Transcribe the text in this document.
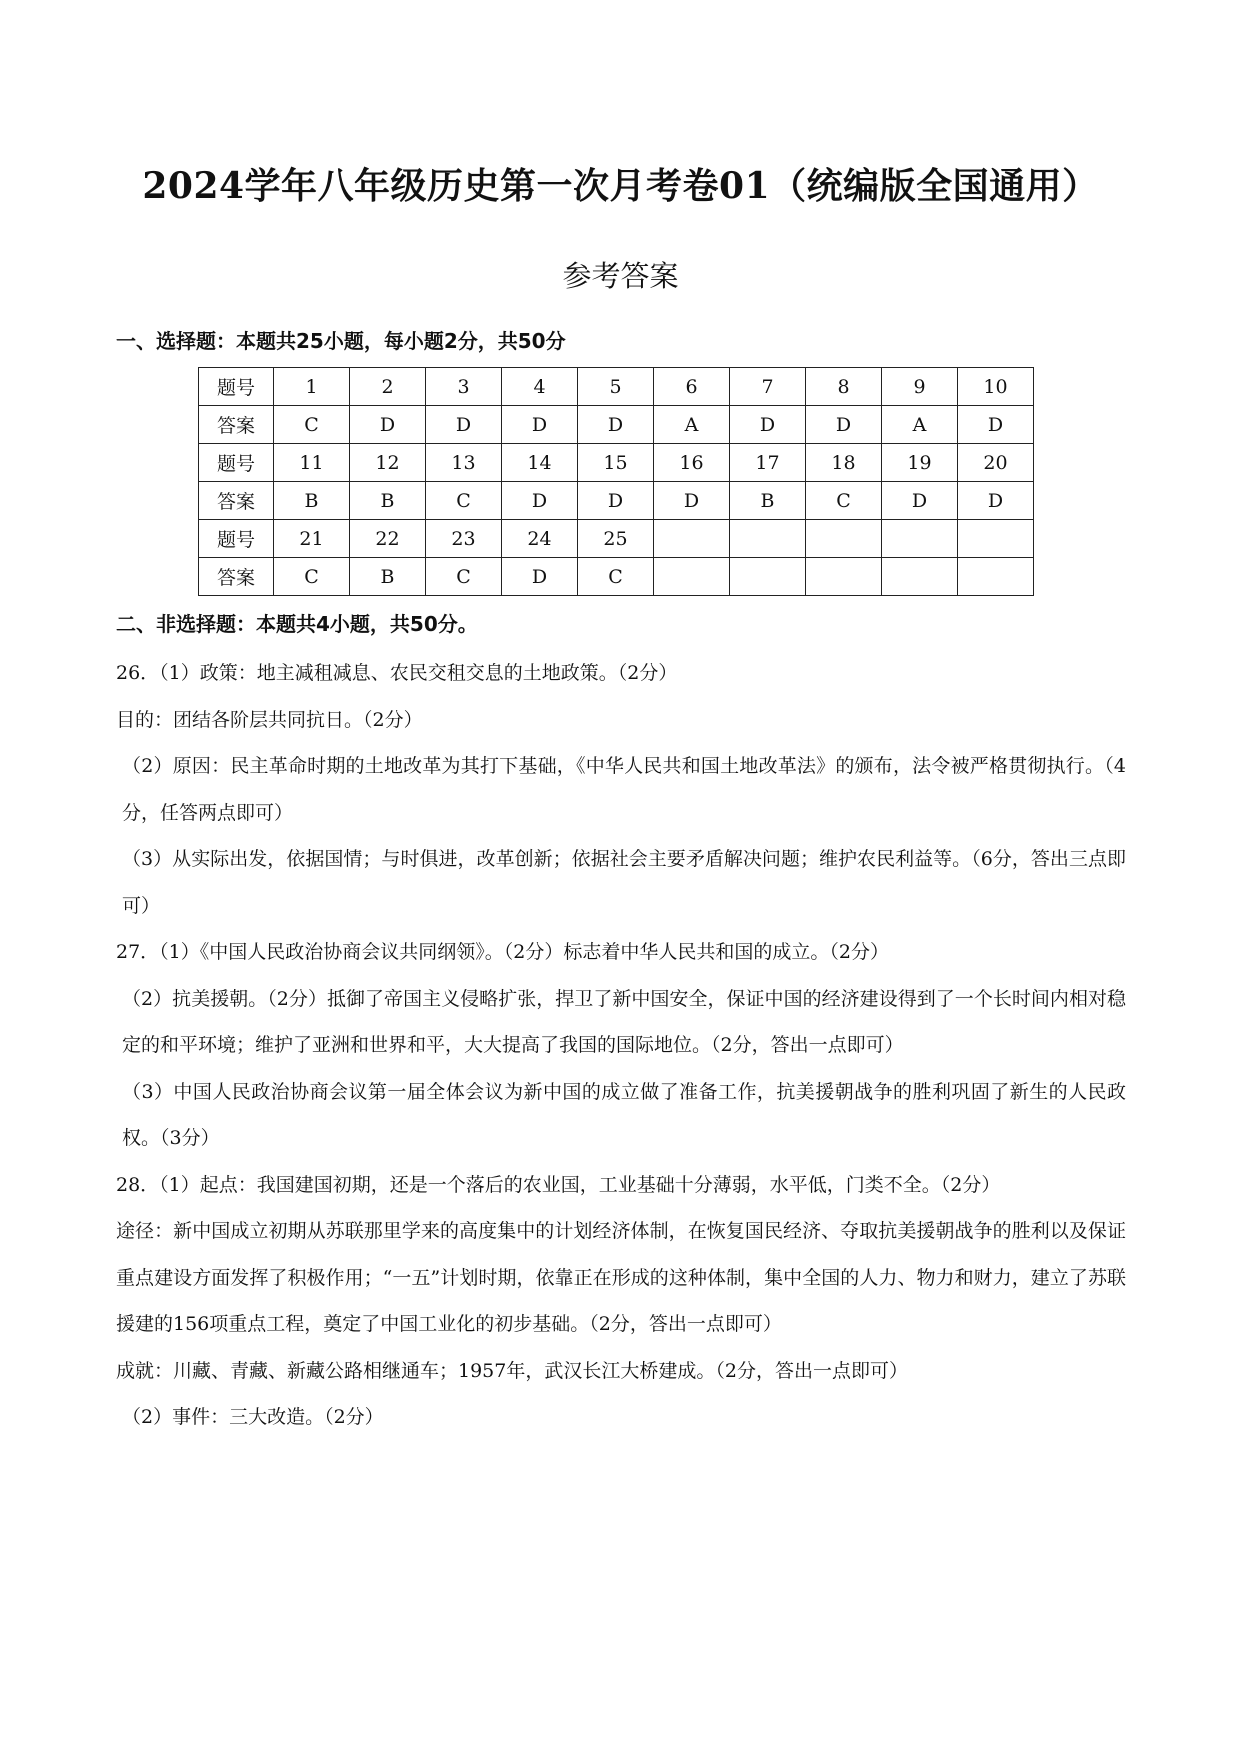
2024学年八年级历史第一次月考卷01（统编版全国通用）
参考答案
一、选择题：本题共25小题，每小题2分，共50分
题号	1	2	3	4	5	6	7	8	9	10
答案	C	D	D	D	D	A	D	D	A	D
题号	11	12	13	14	15	16	17	18	19	20
答案	B	B	C	D	D	D	B	C	D	D
题号	21	22	23	24	25					
答案	C	B	C	D	C					
二、非选择题：本题共4小题，共50分。
26．（1）政策：地主减租减息、农民交租交息的土地政策。（2分）
目的：团结各阶层共同抗日。（2分）
（2）原因：民主革命时期的土地改革为其打下基础，《中华人民共和国土地改革法》的颁布，法令被严格贯彻执行。（4分，任答两点即可）
（3）从实际出发，依据国情；与时俱进，改革创新；依据社会主要矛盾解决问题；维护农民利益等。（6分，答出三点即可）
27．（1）《中国人民政治协商会议共同纲领》。（2分）标志着中华人民共和国的成立。（2分）
（2）抗美援朝。（2分）抵御了帝国主义侵略扩张，捍卫了新中国安全，保证中国的经济建设得到了一个长时间内相对稳定的和平环境；维护了亚洲和世界和平，大大提高了我国的国际地位。（2分，答出一点即可）
（3）中国人民政治协商会议第一届全体会议为新中国的成立做了准备工作，抗美援朝战争的胜利巩固了新生的人民政权。（3分）
28．（1）起点：我国建国初期，还是一个落后的农业国，工业基础十分薄弱，水平低，门类不全。（2分）
途径：新中国成立初期从苏联那里学来的高度集中的计划经济体制，在恢复国民经济、夺取抗美援朝战争的胜利以及保证重点建设方面发挥了积极作用；“一五”计划时期，依靠正在形成的这种体制，集中全国的人力、物力和财力，建立了苏联援建的156项重点工程，奠定了中国工业化的初步基础。（2分，答出一点即可）
成就：川藏、青藏、新藏公路相继通车；1957年，武汉长江大桥建成。（2分，答出一点即可）
（2）事件：三大改造。（2分）
